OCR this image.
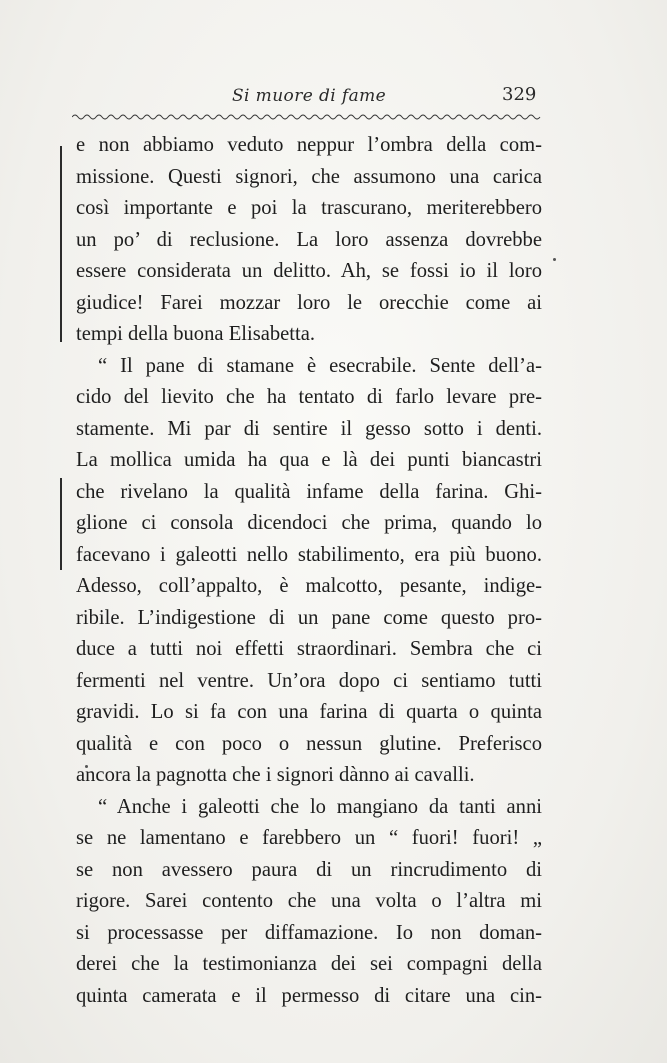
Si muore di fame	329
e non abbiamo veduto neppur l’ombra della com-
missione. Questi signori, che assumono una carica
così importante e poi la trascurano, meriterebbero
un po’ di reclusione. La loro assenza dovrebbe
essere considerata un delitto. Ah, se fossi io il loro
giudice! Farei mozzar loro le orecchie come ai
tempi della buona Elisabetta.
“ Il pane di stamane è esecrabile. Sente dell’a-
cido del lievito che ha tentato di farlo levare pre-
stamente. Mi par di sentire il gesso sotto i denti.
La mollica umida ha qua e là dei punti biancastri
che rivelano la qualità infame della farina. Ghi-
glione ci consola dicendoci che prima, quando lo
facevano i galeotti nello stabilimento, era più buono.
Adesso, coll’appalto, è malcotto, pesante, indige-
ribile. L’indigestione di un pane come questo pro-
duce a tutti noi effetti straordinari. Sembra che ci
fermenti nel ventre. Un’ora dopo ci sentiamo tutti
gravidi. Lo si fa con una farina di quarta o quinta
qualità e con poco o nessun glutine. Preferisco
ancora la pagnotta che i signori dànno ai cavalli.
“ Anche i galeotti che lo mangiano da tanti anni
se ne lamentano e farebbero un “ fuori! fuori! „
se non avessero paura di un rincrudimento di
rigore. Sarei contento che una volta o l’altra mi
si processasse per diffamazione. Io non doman-
derei che la testimonianza dei sei compagni della
quinta camerata e il permesso di citare una cin-
